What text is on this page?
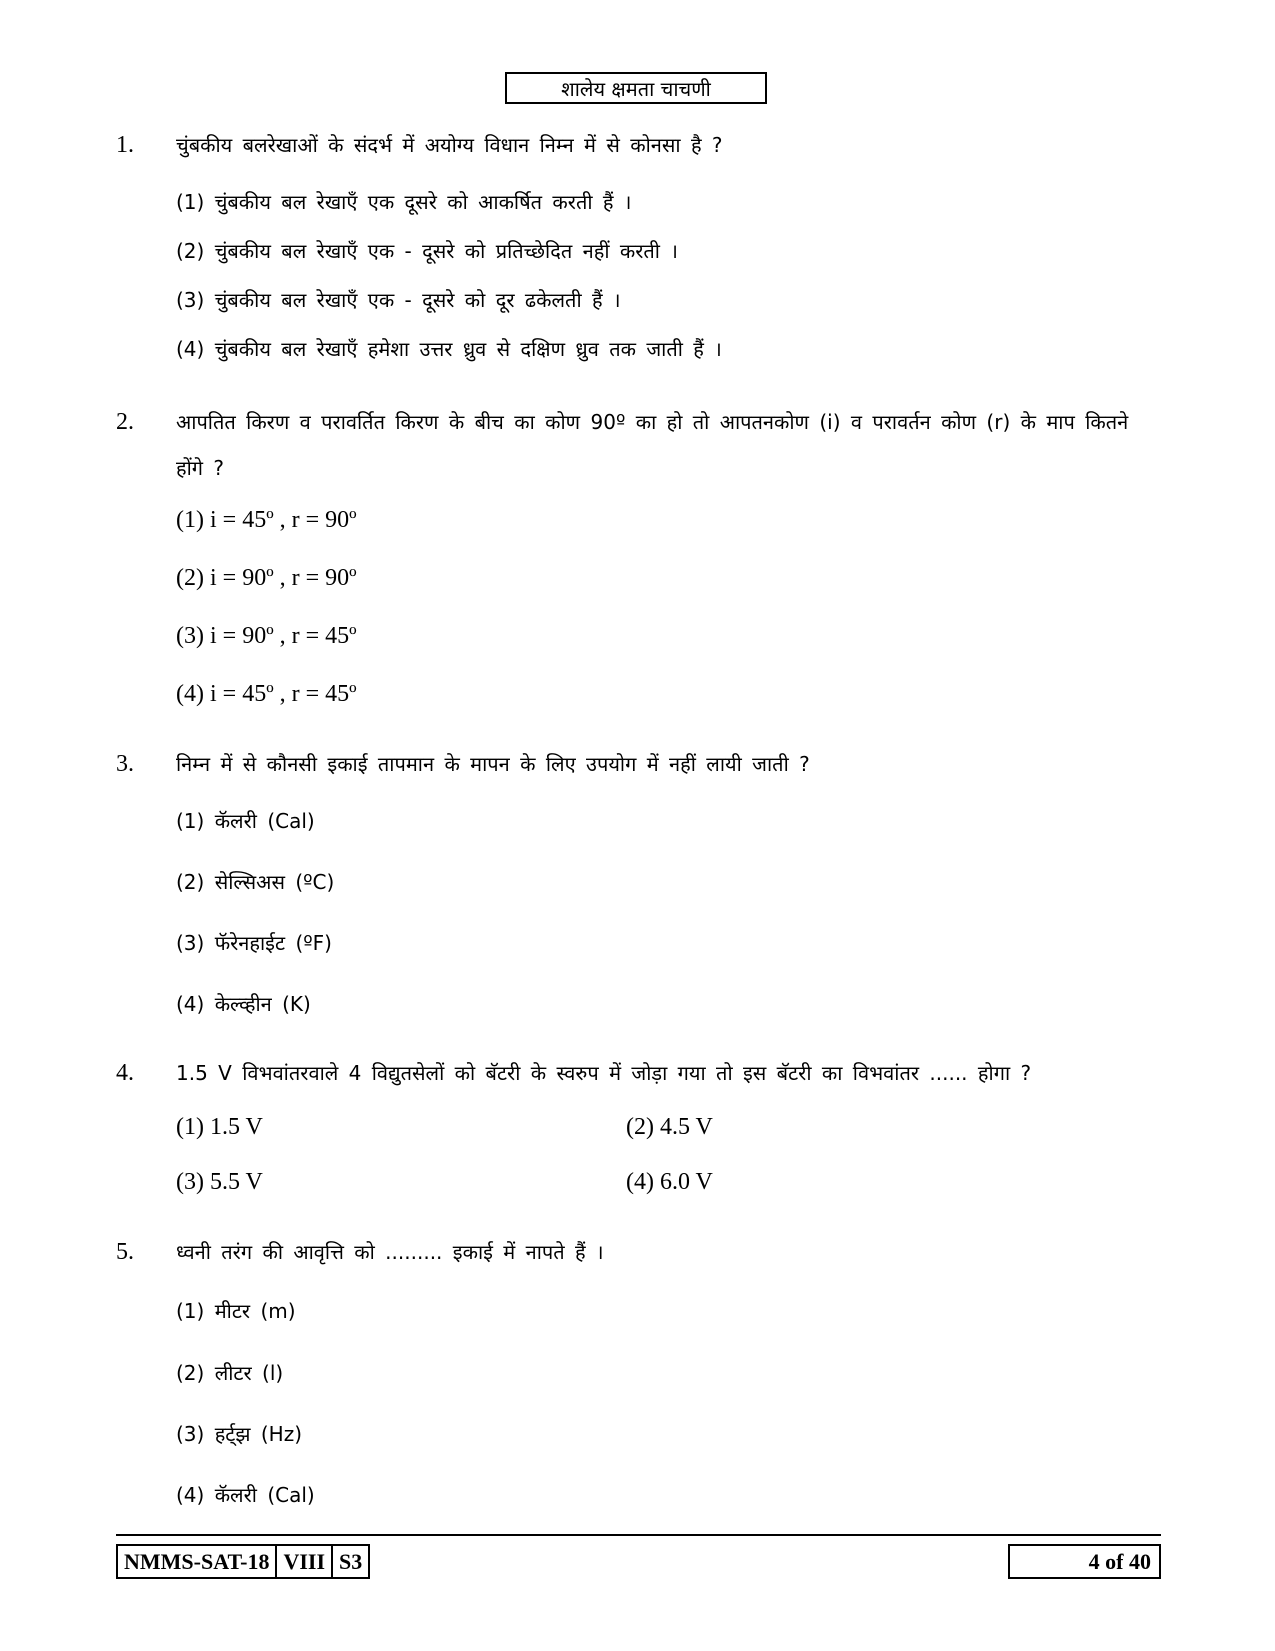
शालेय क्षमता चाचणी
1. चुंबकीय बलरेखाओं के संदर्भ में अयोग्य विधान निम्न में से कोनसा है ?
(1) चुंबकीय बल रेखाएँ एक दूसरे को आकर्षित करती हैं ।
(2) चुंबकीय बल रेखाएँ एक - दूसरे को प्रतिच्छेदित नहीं करती ।
(3) चुंबकीय बल रेखाएँ एक - दूसरे को दूर ढकेलती हैं ।
(4) चुंबकीय बल रेखाएँ हमेशा उत्तर ध्रुव से दक्षिण ध्रुव तक जाती हैं ।
2. आपतित किरण व परावर्तित किरण के बीच का कोण 90º का हो तो आपतनकोण (i) व परावर्तन कोण (r) के माप कितने होंगे ?
(1) i = 45º , r = 90º
(2) i = 90º , r = 90º
(3) i = 90º , r = 45º
(4) i = 45º , r = 45º
3. निम्न में से कौनसी इकाई तापमान के मापन के लिए उपयोग में नहीं लायी जाती ?
(1) कॅलरी (Cal)
(2) सेल्सिअस (ºC)
(3) फॅरेनहाईट (ºF)
(4) केल्व्हीन (K)
4. 1.5 V विभवांतरवाले 4 विद्युतसेलों को बॅटरी के स्वरुप में जोड़ा गया तो इस बॅटरी का विभवांतर ...... होगा ?
(1) 1.5 V	(2) 4.5 V
(3) 5.5 V	(4) 6.0 V
5. ध्वनी तरंग की आवृत्ति को ......... इकाई में नापते हैं ।
(1) मीटर (m)
(2) लीटर (l)
(3) हर्ट्झ (Hz)
(4) कॅलरी (Cal)
NMMS-SAT-18 VIII S3	4 of 40
